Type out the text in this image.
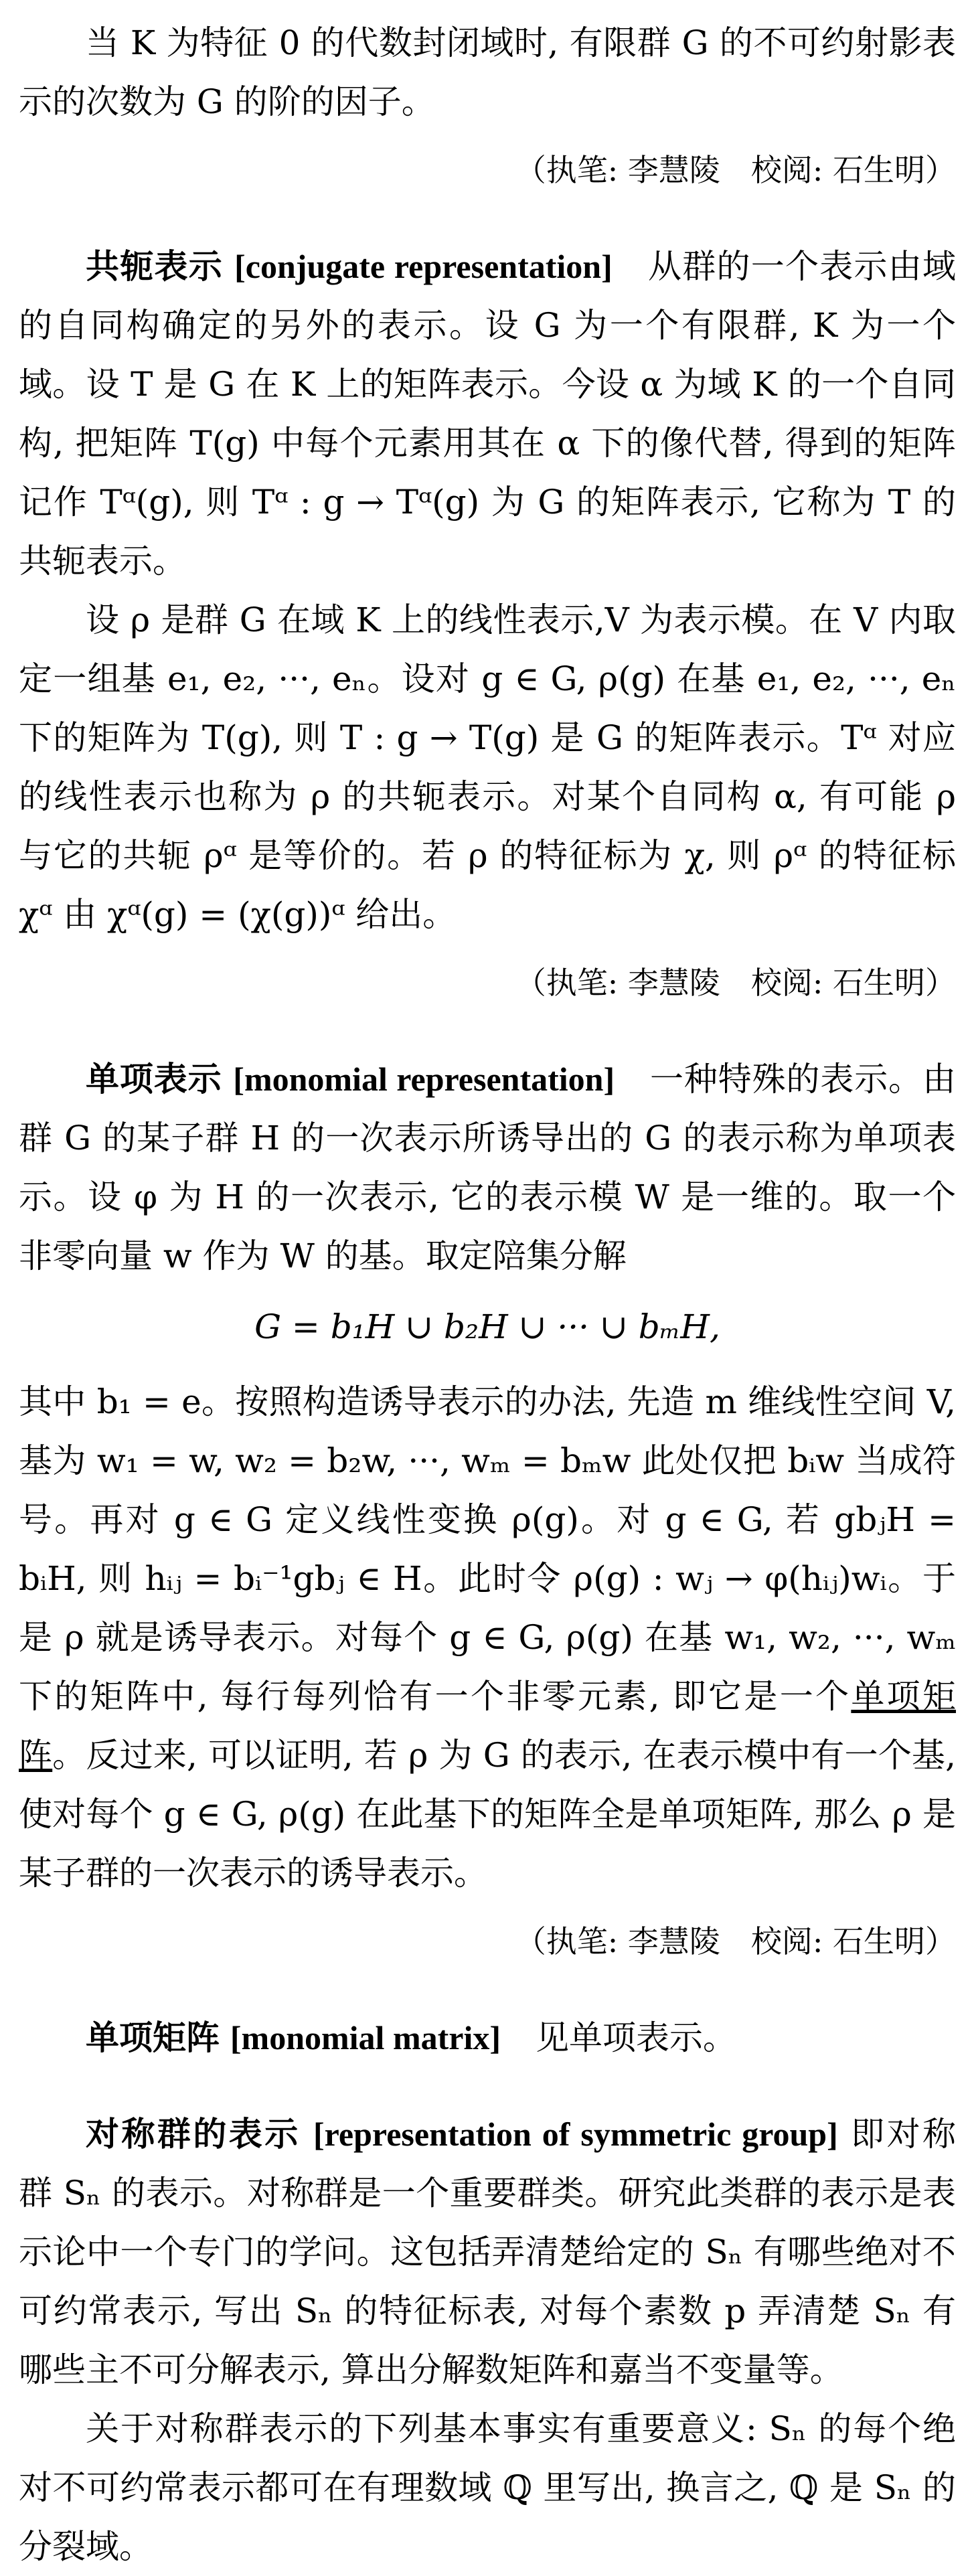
当 K 为特征 0 的代数封闭域时, 有限群 G 的不可约射影表示的次数为 G 的阶的因子。

（执笔: 李慧陵　校阅: 石生明）

共轭表示 [conjugate representation] 从群的一个表示由域的自同构确定的另外的表示。设 G 为一个有限群, K 为一个域。设 T 是 G 在 K 上的矩阵表示。今设 α 为域 K 的一个自同构, 把矩阵 T(g) 中每个元素用其在 α 下的像代替, 得到的矩阵记作 Tᵅ(g), 则 Tᵅ : g → Tᵅ(g) 为 G 的矩阵表示, 它称为 T 的共轭表示。

设 ρ 是群 G 在域 K 上的线性表示,V 为表示模。在 V 内取定一组基 e₁, e₂, ···, eₙ。设对 g ∈ G, ρ(g) 在基 e₁, e₂, ···, eₙ 下的矩阵为 T(g), 则 T : g → T(g) 是 G 的矩阵表示。Tᵅ 对应的线性表示也称为 ρ 的共轭表示。对某个自同构 α, 有可能 ρ 与它的共轭 ρᵅ 是等价的。若 ρ 的特征标为 χ, 则 ρᵅ 的特征标 χᵅ 由 χᵅ(g) = (χ(g))ᵅ 给出。

（执笔: 李慧陵　校阅: 石生明）

单项表示 [monomial representation] 一种特殊的表示。由群 G 的某子群 H 的一次表示所诱导出的 G 的表示称为单项表示。设 φ 为 H 的一次表示, 它的表示模 W 是一维的。取一个非零向量 w 作为 W 的基。取定陪集分解

G = b₁H ∪ b₂H ∪ ··· ∪ bₘH,

其中 b₁ = e。按照构造诱导表示的办法, 先造 m 维线性空间 V, 基为 w₁ = w, w₂ = b₂w, ···, wₘ = bₘw 此处仅把 bᵢw 当成符号。再对 g ∈ G 定义线性变换 ρ(g)。对 g ∈ G, 若 gbⱼH = bᵢH, 则 hᵢⱼ = bᵢ⁻¹gbⱼ ∈ H。此时令 ρ(g) : wⱼ → φ(hᵢⱼ)wᵢ。于是 ρ 就是诱导表示。对每个 g ∈ G, ρ(g) 在基 w₁, w₂, ···, wₘ 下的矩阵中, 每行每列恰有一个非零元素, 即它是一个单项矩阵。反过来, 可以证明, 若 ρ 为 G 的表示, 在表示模中有一个基, 使对每个 g ∈ G, ρ(g) 在此基下的矩阵全是单项矩阵, 那么 ρ 是某子群的一次表示的诱导表示。

（执笔: 李慧陵　校阅: 石生明）

单项矩阵 [monomial matrix] 见单项表示。

对称群的表示 [representation of symmetric group] 即对称群 Sₙ 的表示。对称群是一个重要群类。研究此类群的表示是表示论中一个专门的学问。这包括弄清楚给定的 Sₙ 有哪些绝对不可约常表示, 写出 Sₙ 的特征标表, 对每个素数 p 弄清楚 Sₙ 有哪些主不可分解表示, 算出分解数矩阵和嘉当不变量等。

关于对称群表示的下列基本事实有重要意义: Sₙ 的每个绝对不可约常表示都可在有理数域 ℚ 里写出, 换言之, ℚ 是 Sₙ 的分裂域。
